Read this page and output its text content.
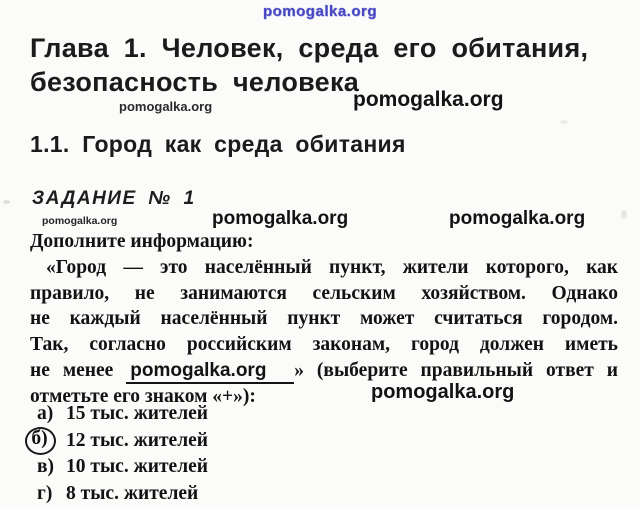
pomogalka.org
Глава 1. Человек, среда его обитания,
безопасность человека
pomogalka.org	pomogalka.org
1.1. Город как среда обитания
ЗАДАНИЕ № 1
pomogalka.org	pomogalka.org	pomogalka.org
Дополните информацию:
«Город — это населённый пункт, жители которого, как
правило, не занимаются сельским хозяйством. Однако
не каждый населённый пункт может считаться городом.
Так, согласно российским законам, город должен иметь
не менее pomogalka.org » (выберите правильный ответ и
отметьте его знаком «+»):	pomogalka.org
а) 15 тыс. жителей
б) 12 тыс. жителей
в) 10 тыс. жителей
г) 8 тыс. жителей
